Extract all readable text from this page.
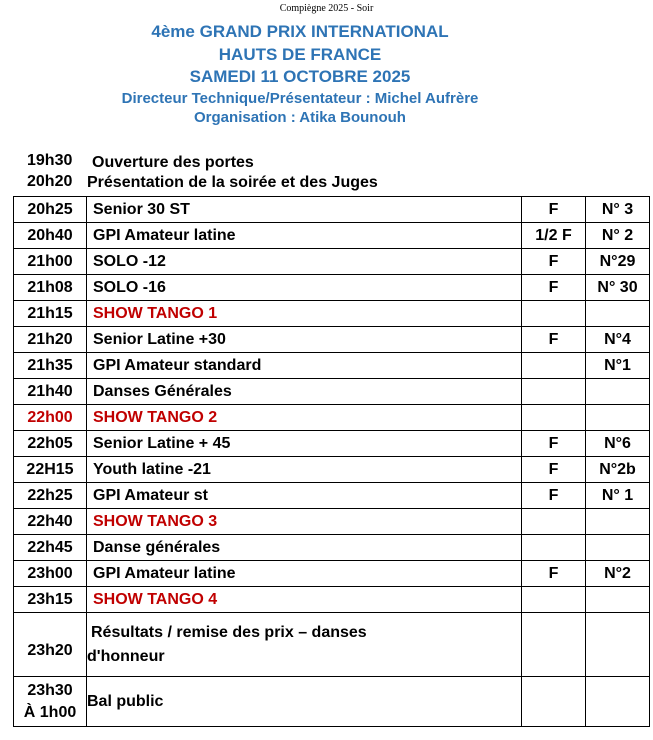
Compiègne 2025 - Soir
4ème GRAND PRIX INTERNATIONAL
HAUTS DE FRANCE
SAMEDI 11 OCTOBRE 2025
Directeur Technique/Présentateur : Michel Aufrère
Organisation : Atika Bounouh
19h30 Ouverture des portes
20h20 Présentation de la soirée et des Juges
20h25	Senior 30 ST	F	N° 3
20h40	GPI Amateur latine	1/2 F	N° 2
21h00	SOLO -12	F	N°29
21h08	SOLO -16	F	N° 30
21h15	SHOW TANGO 1		
21h20	Senior Latine +30	F	N°4
21h35	GPI Amateur standard		N°1
21h40	Danses Générales		
22h00	SHOW TANGO 2		
22h05	Senior Latine + 45	F	N°6
22H15	Youth latine -21	F	N°2b
22h25	GPI Amateur st	F	N° 1
22h40	SHOW TANGO 3		
22h45	Danse générales		
23h00	GPI Amateur latine	F	N°2
23h15	SHOW TANGO 4		
23h20	Résultats / remise des prix – danses
d'honneur		

23h30
À 1h00	Bal public		
